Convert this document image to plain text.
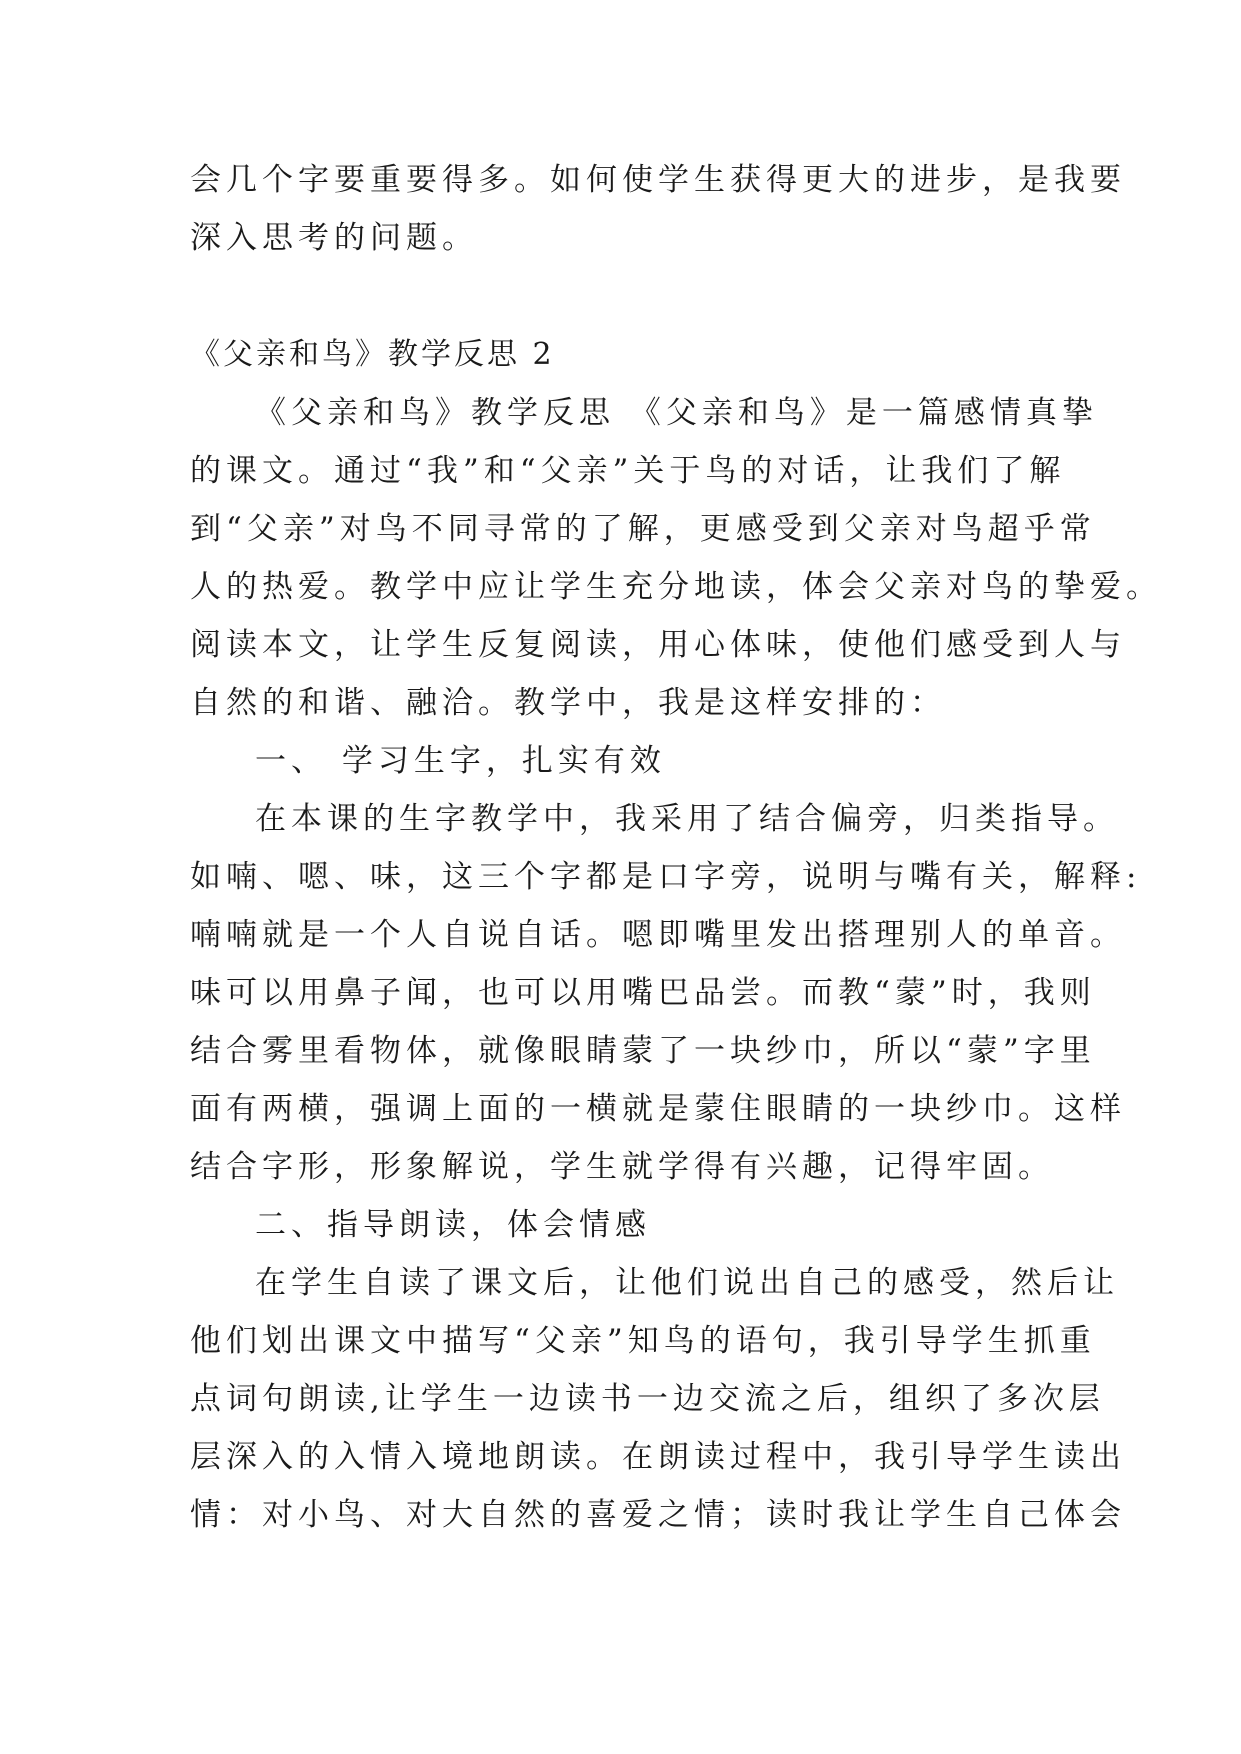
会几个字要重要得多。如何使学生获得更大的进步，是我要
深入思考的问题。
《父亲和鸟》教学反思 2
《父亲和鸟》教学反思 《父亲和鸟》是一篇感情真挚
的课文。通过“我”和“父亲”关于鸟的对话，让我们了解
到“父亲”对鸟不同寻常的了解，更感受到父亲对鸟超乎常
人的热爱。教学中应让学生充分地读，体会父亲对鸟的挚爱。
阅读本文，让学生反复阅读，用心体味，使他们感受到人与
自然的和谐、融洽。教学中，我是这样安排的：
一、 学习生字，扎实有效
在本课的生字教学中，我采用了结合偏旁，归类指导。
如喃、嗯、味，这三个字都是口字旁，说明与嘴有关，解释:
喃喃就是一个人自说自话。嗯即嘴里发出搭理别人的单音。
味可以用鼻子闻，也可以用嘴巴品尝。而教“蒙”时，我则
结合雾里看物体，就像眼睛蒙了一块纱巾，所以“蒙”字里
面有两横，强调上面的一横就是蒙住眼睛的一块纱巾。这样
结合字形，形象解说，学生就学得有兴趣，记得牢固。
二、指导朗读，体会情感
在学生自读了课文后，让他们说出自己的感受，然后让
他们划出课文中描写“父亲”知鸟的语句，我引导学生抓重
点词句朗读,让学生一边读书一边交流之后，组织了多次层
层深入的入情入境地朗读。在朗读过程中，我引导学生读出
情：对小鸟、对大自然的喜爱之情；读时我让学生自己体会
